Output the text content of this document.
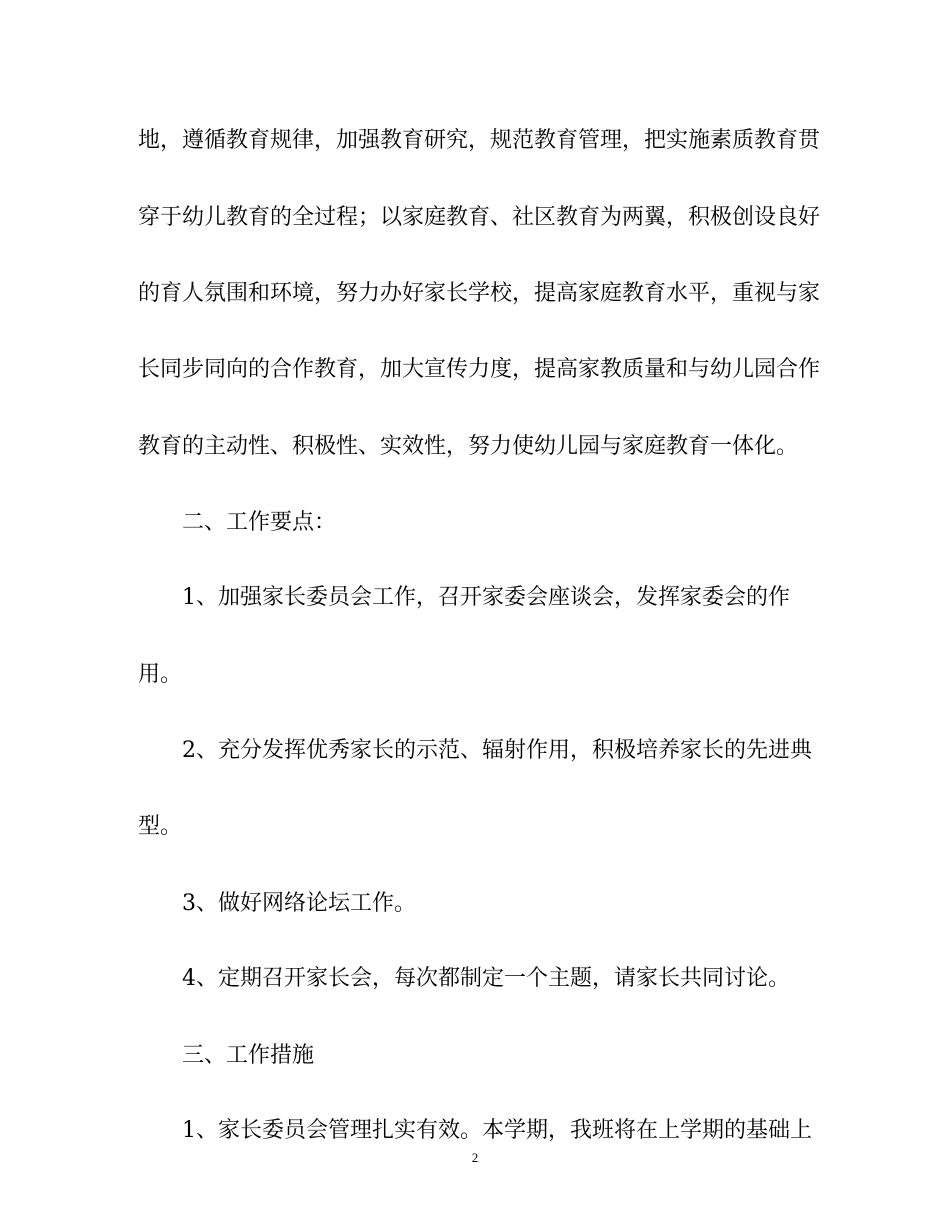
地，遵循教育规律，加强教育研究，规范教育管理，把实施素质教育贯
穿于幼儿教育的全过程；以家庭教育、社区教育为两翼，积极创设良好
的育人氛围和环境，努力办好家长学校，提高家庭教育水平，重视与家
长同步同向的合作教育，加大宣传力度，提高家教质量和与幼儿园合作
教育的主动性、积极性、实效性，努力使幼儿园与家庭教育一体化。
二、工作要点：
1、加强家长委员会工作，召开家委会座谈会，发挥家委会的作
用。
2、充分发挥优秀家长的示范、辐射作用，积极培养家长的先进典
型。
3、做好网络论坛工作。
4、定期召开家长会，每次都制定一个主题，请家长共同讨论。
三、工作措施
1、家长委员会管理扎实有效。本学期，我班将在上学期的基础上
2
